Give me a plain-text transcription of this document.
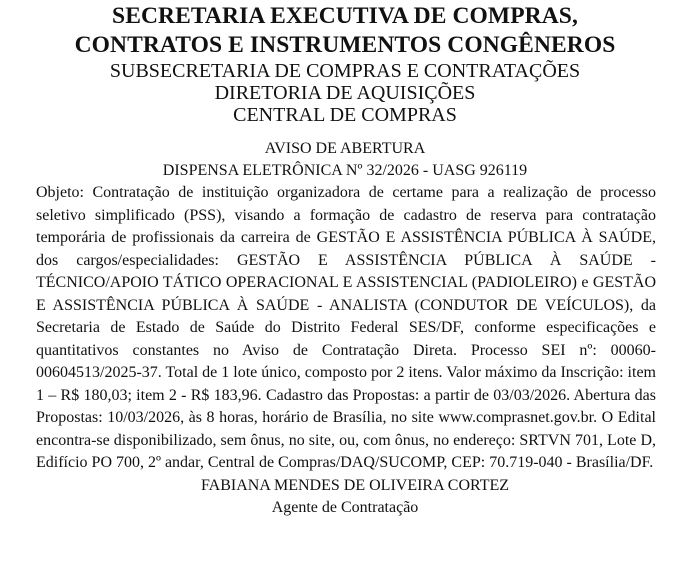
SECRETARIA EXECUTIVA DE COMPRAS,

CONTRATOS E INSTRUMENTOS CONGÊNEROS

SUBSECRETARIA DE COMPRAS E CONTRATAÇÕES

DIRETORIA DE AQUISIÇÕES

CENTRAL DE COMPRAS

AVISO DE ABERTURA

DISPENSA ELETRÔNICA Nº 32/2026 - UASG 926119

Objeto: Contratação de instituição organizadora de certame para a realização de processo seletivo simplificado (PSS), visando a formação de cadastro de reserva para contratação temporária de profissionais da carreira de GESTÃO E ASSISTÊNCIA PÚBLICA À SAÚDE, dos cargos/especialidades: GESTÃO E ASSISTÊNCIA PÚBLICA À SAÚDE - TÉCNICO/APOIO TÁTICO OPERACIONAL E ASSISTENCIAL (PADIOLEIRO) e GESTÃO E ASSISTÊNCIA PÚBLICA À SAÚDE - ANALISTA (CONDUTOR DE VEÍCULOS), da Secretaria de Estado de Saúde do Distrito Federal SES/DF, conforme especificações e quantitativos constantes no Aviso de Contratação Direta. Processo SEI nº: 00060-00604513/2025-37. Total de 1 lote único, composto por 2 itens. Valor máximo da Inscrição: item 1 – R$ 180,03; item 2 - R$ 183,96. Cadastro das Propostas: a partir de 03/03/2026. Abertura das Propostas: 10/03/2026, às 8 horas, horário de Brasília, no site www.comprasnet.gov.br. O Edital encontra-se disponibilizado, sem ônus, no site, ou, com ônus, no endereço: SRTVN 701, Lote D, Edifício PO 700, 2º andar, Central de Compras/DAQ/SUCOMP, CEP: 70.719-040 - Brasília/DF.

FABIANA MENDES DE OLIVEIRA CORTEZ

Agente de Contratação
